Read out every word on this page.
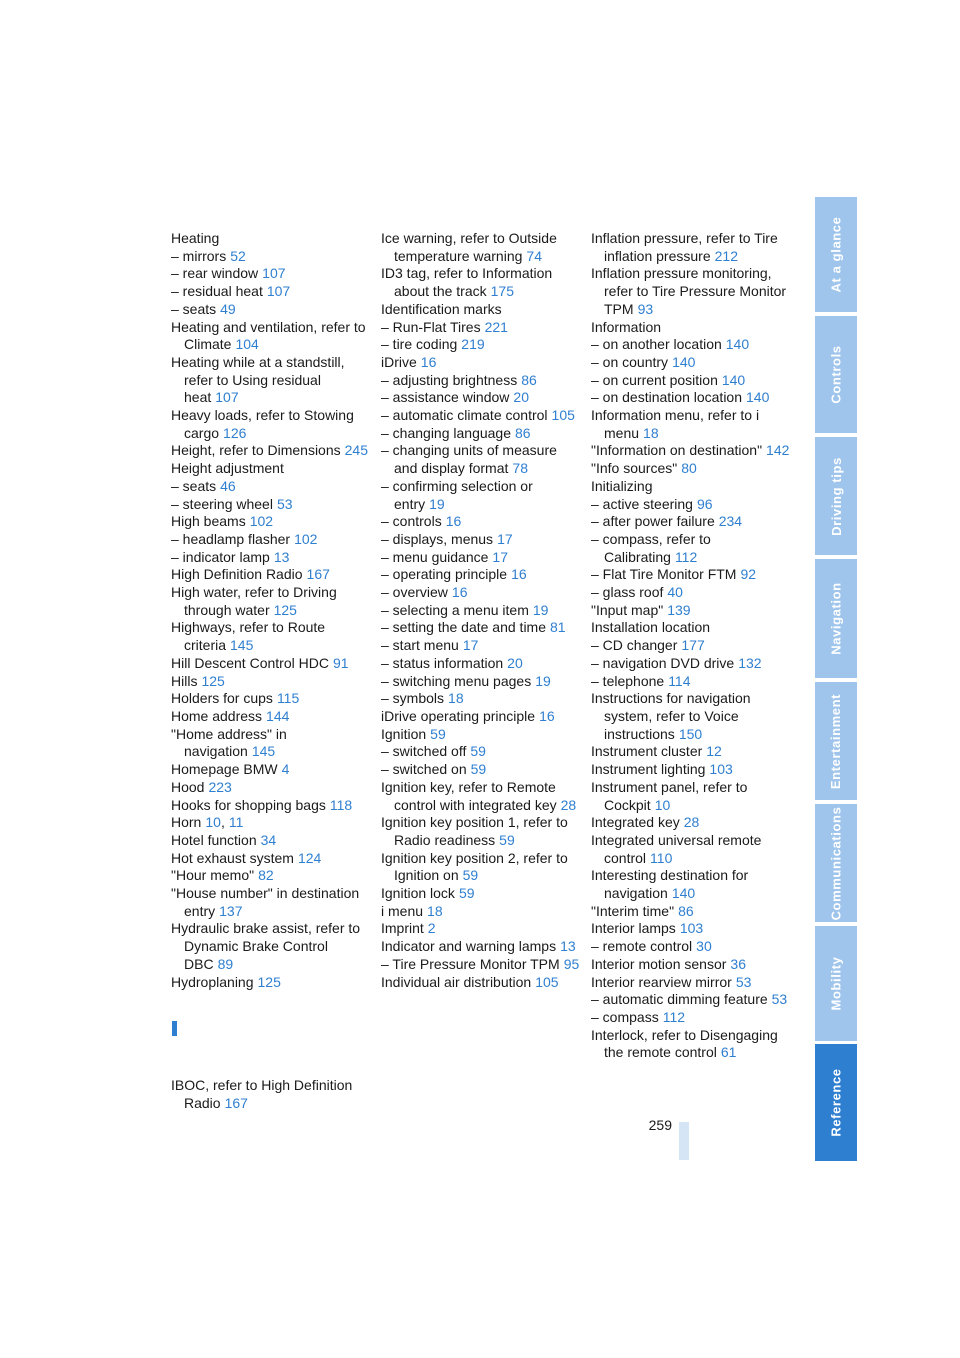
Heating
– mirrors 52
– rear window 107
– residual heat 107
– seats 49
Heating and ventilation, refer to Climate 104
Heating while at a standstill, refer to Using residual heat 107
Heavy loads, refer to Stowing cargo 126
Height, refer to Dimensions 245
Height adjustment
– seats 46
– steering wheel 53
High beams 102
– headlamp flasher 102
– indicator lamp 13
High Definition Radio 167
High water, refer to Driving through water 125
Highways, refer to Route criteria 145
Hill Descent Control HDC 91
Hills 125
Holders for cups 115
Home address 144
"Home address" in navigation 145
Homepage BMW 4
Hood 223
Hooks for shopping bags 118
Horn 10, 11
Hotel function 34
Hot exhaust system 124
"Hour memo" 82
"House number" in destination entry 137
Hydraulic brake assist, refer to Dynamic Brake Control DBC 89
Hydroplaning 125
IBOC, refer to High Definition Radio 167
Ice warning, refer to Outside temperature warning 74
ID3 tag, refer to Information about the track 175
Identification marks
– Run-Flat Tires 221
– tire coding 219
iDrive 16
– adjusting brightness 86
– assistance window 20
– automatic climate control 105
– changing language 86
– changing units of measure and display format 78
– confirming selection or entry 19
– controls 16
– displays, menus 17
– menu guidance 17
– operating principle 16
– overview 16
– selecting a menu item 19
– setting the date and time 81
– start menu 17
– status information 20
– switching menu pages 19
– symbols 18
iDrive operating principle 16
Ignition 59
– switched off 59
– switched on 59
Ignition key, refer to Remote control with integrated key 28
Ignition key position 1, refer to Radio readiness 59
Ignition key position 2, refer to Ignition on 59
Ignition lock 59
i menu 18
Imprint 2
Indicator and warning lamps 13
– Tire Pressure Monitor TPM 95
Individual air distribution 105
Inflation pressure, refer to Tire inflation pressure 212
Inflation pressure monitoring, refer to Tire Pressure Monitor TPM 93
Information
– on another location 140
– on country 140
– on current position 140
– on destination location 140
Information menu, refer to i menu 18
"Information on destination" 142
"Info sources" 80
Initializing
– active steering 96
– after power failure 234
– compass, refer to Calibrating 112
– Flat Tire Monitor FTM 92
– glass roof 40
"Input map" 139
Installation location
– CD changer 177
– navigation DVD drive 132
– telephone 114
Instructions for navigation system, refer to Voice instructions 150
Instrument cluster 12
Instrument lighting 103
Instrument panel, refer to Cockpit 10
Integrated key 28
Integrated universal remote control 110
Interesting destination for navigation 140
"Interim time" 86
Interior lamps 103
– remote control 30
Interior motion sensor 36
Interior rearview mirror 53
– automatic dimming feature 53
– compass 112
Interlock, refer to Disengaging the remote control 61
259
At a glance
Controls
Driving tips
Navigation
Entertainment
Communications
Mobility
Reference
